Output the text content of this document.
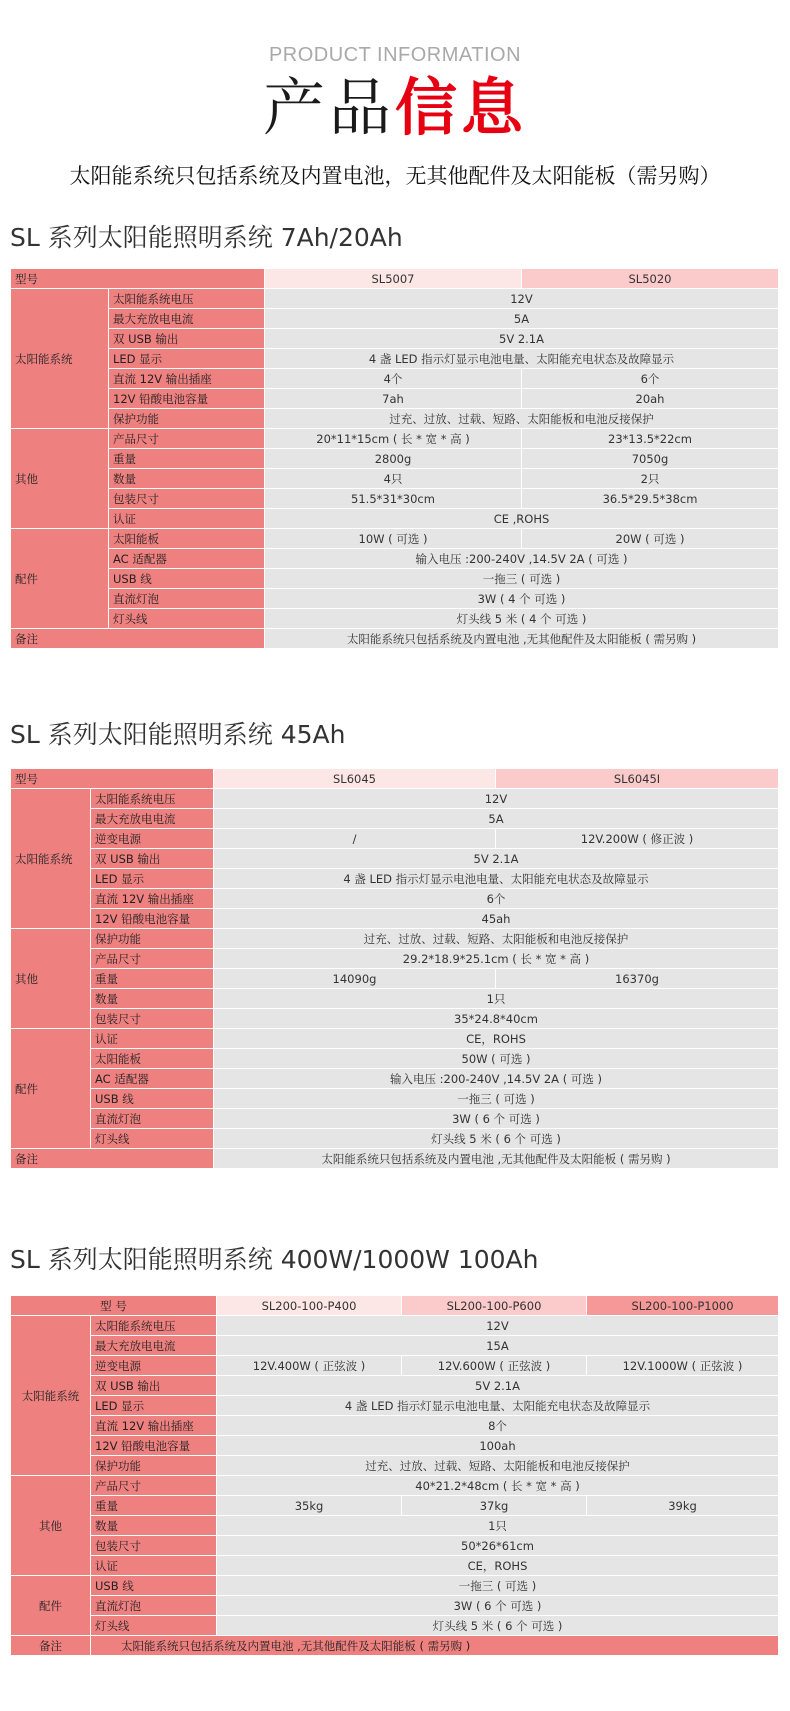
PRODUCT INFORMATION
产品信息
太阳能系统只包括系统及内置电池，无其他配件及太阳能板（需另购）
SL 系列太阳能照明系统 7Ah/20Ah
型号		SL5007	SL5020
太阳能系统	太阳能系统电压	12V	
	最大充放电电流	5A	
	双 USB 输出	5V 2.1A	
	LED 显示	4 盏 LED 指示灯显示电池电量、太阳能充电状态及故障显示	
	直流 12V 输出插座	4个	6个
	12V 铅酸电池容量	7ah	20ah
	保护功能	过充、过放、过载、短路、太阳能板和电池反接保护	
其他	产品尺寸	20*11*15cm ( 长 * 宽 * 高 )	23*13.5*22cm
	重量	2800g	7050g
	数量	4只	2只
	包装尺寸	51.5*31*30cm	36.5*29.5*38cm
	认证	CE ,ROHS	
配件	太阳能板	10W ( 可选 )	20W ( 可选 )
	AC 适配器	输入电压 :200-240V ,14.5V 2A ( 可选 )	
	USB 线	一拖三 ( 可选 )	
	直流灯泡	3W ( 4 个 可选 )	
	灯头线	灯头线 5 米 ( 4 个 可选 )	
备注		太阳能系统只包括系统及内置电池 ,无其他配件及太阳能板 ( 需另购 )	
SL 系列太阳能照明系统 45Ah
型号		SL6045	SL6045I
太阳能系统	太阳能系统电压	12V	
	最大充放电电流	5A	
	逆变电源	/	12V.200W ( 修正波 )
	双 USB 输出	5V 2.1A	
	LED 显示	4 盏 LED 指示灯显示电池电量、太阳能充电状态及故障显示	
	直流 12V 输出插座	6个	
	12V 铅酸电池容量	45ah	
其他	保护功能	过充、过放、过载、短路、太阳能板和电池反接保护	
	产品尺寸	29.2*18.9*25.1cm ( 长 * 宽 * 高 )	
	重量	14090g	16370g
	数量	1只	
	包装尺寸	35*24.8*40cm	
配件	认证	CE，ROHS	
	太阳能板	50W ( 可选 )	
	AC 适配器	输入电压 :200-240V ,14.5V 2A ( 可选 )	
	USB 线	一拖三 ( 可选 )	
	直流灯泡	3W ( 6 个 可选 )	
	灯头线	灯头线 5 米 ( 6 个 可选 )	
备注		太阳能系统只包括系统及内置电池 ,无其他配件及太阳能板 ( 需另购 )	
SL 系列太阳能照明系统 400W/1000W 100Ah
型 号		SL200-100-P400	SL200-100-P600	SL200-100-P1000
太阳能系统	太阳能系统电压	12V		
	最大充放电电流	15A		
	逆变电源	12V.400W ( 正弦波 )	12V.600W ( 正弦波 )	12V.1000W ( 正弦波 )
	双 USB 输出	5V 2.1A		
	LED 显示	4 盏 LED 指示灯显示电池电量、太阳能充电状态及故障显示		
	直流 12V 输出插座	8个		
	12V 铅酸电池容量	100ah		
	保护功能	过充、过放、过载、短路、太阳能板和电池反接保护		
其他	产品尺寸	40*21.2*48cm ( 长 * 宽 * 高 )		
	重量	35kg	37kg	39kg
	数量	1只		
	包装尺寸	50*26*61cm		
	认证	CE，ROHS		
配件	USB 线	一拖三 ( 可选 )		
	直流灯泡	3W ( 6 个 可选 )		
	灯头线	灯头线 5 米 ( 6 个 可选 )		
备注	太阳能系统只包括系统及内置电池 ,无其他配件及太阳能板 ( 需另购 )			
